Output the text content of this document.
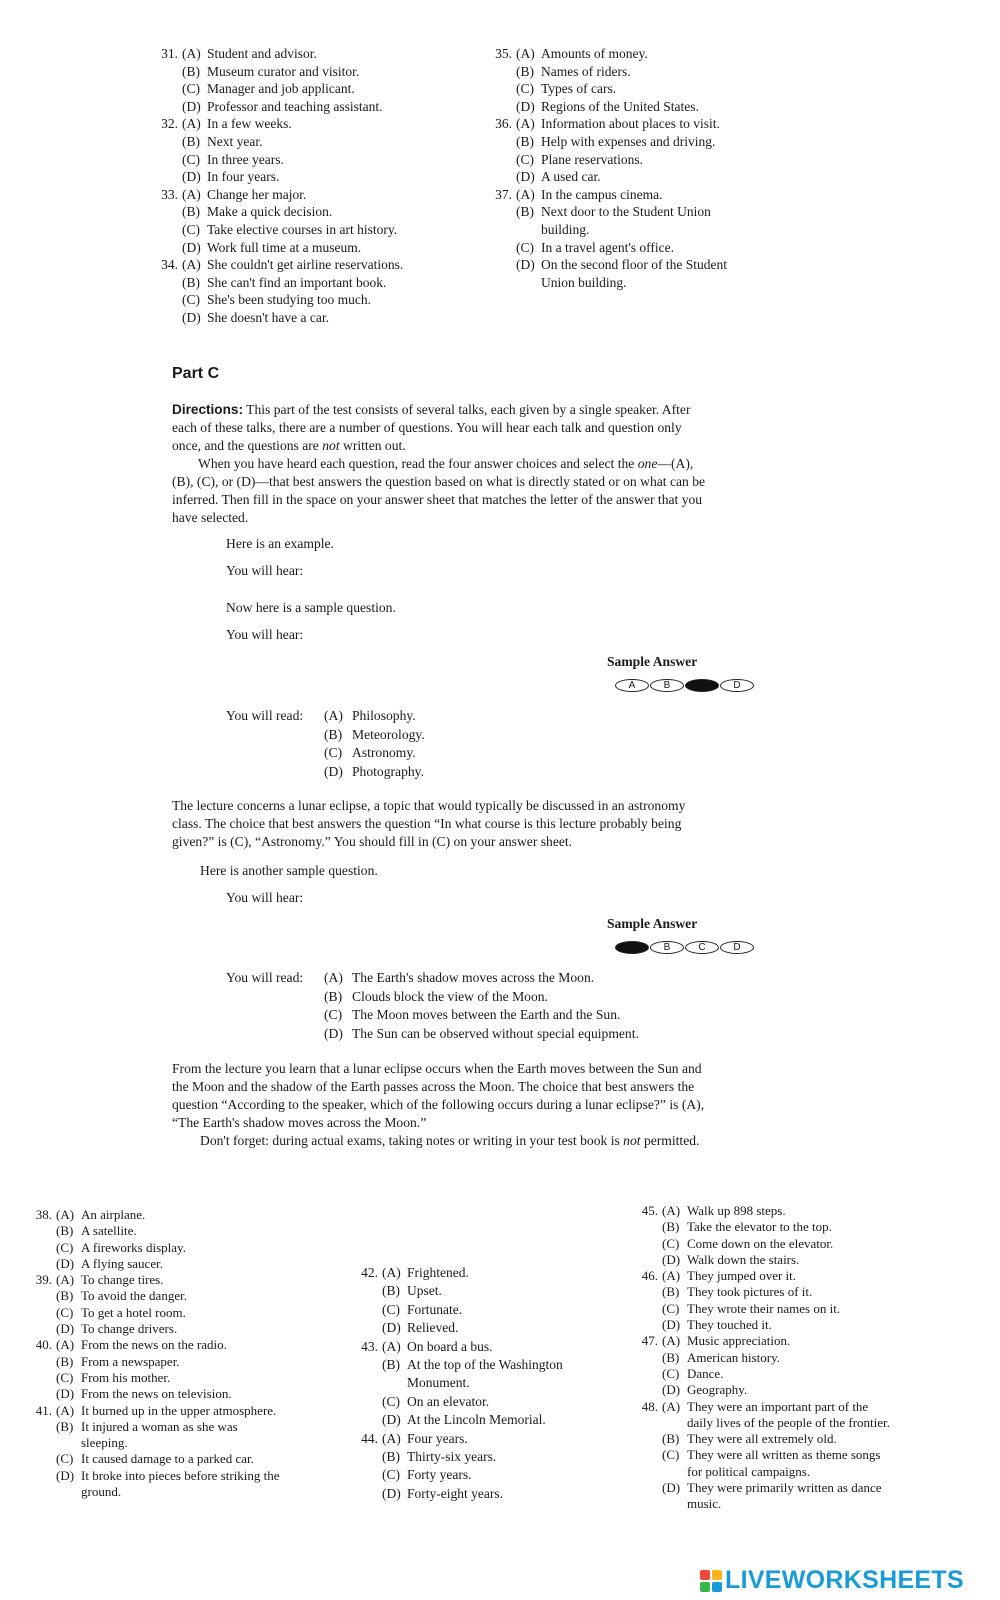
31. (A) Student and advisor.
(B) Museum curator and visitor.
(C) Manager and job applicant.
(D) Professor and teaching assistant.
32. (A) In a few weeks.
(B) Next year.
(C) In three years.
(D) In four years.
33. (A) Change her major.
(B) Make a quick decision.
(C) Take elective courses in art history.
(D) Work full time at a museum.
34. (A) She couldn't get airline reservations.
(B) She can't find an important book.
(C) She's been studying too much.
(D) She doesn't have a car.
35. (A) Amounts of money.
(B) Names of riders.
(C) Types of cars.
(D) Regions of the United States.
36. (A) Information about places to visit.
(B) Help with expenses and driving.
(C) Plane reservations.
(D) A used car.
37. (A) In the campus cinema.
(B) Next door to the Student Union
building.
(C) In a travel agent's office.
(D) On the second floor of the Student
Union building.
Part C

Directions: This part of the test consists of several talks, each given by a single speaker. After

each of these talks, there are a number of questions. You will hear each talk and question only

once, and the questions are not written out.

When you have heard each question, read the four answer choices and select the one—(A),

(B), (C), or (D)—that best answers the question based on what is directly stated or on what can be

inferred. Then fill in the space on your answer sheet that matches the letter of the answer that you

have selected.

Here is an example.
You will hear:
Now here is a sample question.
You will hear:
Sample Answer
A	B	C	D
You will read:	(A) Philosophy.
(B) Meteorology.
(C) Astronomy.
(D) Photography.

The lecture concerns a lunar eclipse, a topic that would typically be discussed in an astronomy

class. The choice that best answers the question “In what course is this lecture probably being

given?” is (C), “Astronomy.” You should fill in (C) on your answer sheet.

Here is another sample question.
You will hear:
Sample Answer
A	B	C	D
You will read:	(A) The Earth's shadow moves across the Moon.
(B) Clouds block the view of the Moon.
(C) The Moon moves between the Earth and the Sun.
(D) The Sun can be observed without special equipment.

From the lecture you learn that a lunar eclipse occurs when the Earth moves between the Sun and

the Moon and the shadow of the Earth passes across the Moon. The choice that best answers the

question “According to the speaker, which of the following occurs during a lunar eclipse?” is (A),

“The Earth's shadow moves across the Moon.”

Don't forget: during actual exams, taking notes or writing in your test book is not permitted.

38. (A) An airplane.
(B) A satellite.
(C) A fireworks display.
(D) A flying saucer.
39. (A) To change tires.
(B) To avoid the danger.
(C) To get a hotel room.
(D) To change drivers.
40. (A) From the news on the radio.
(B) From a newspaper.
(C) From his mother.
(D) From the news on television.
41. (A) It burned up in the upper atmosphere.
(B) It injured a woman as she was
sleeping.
(C) It caused damage to a parked car.
(D) It broke into pieces before striking the
ground.
42. (A) Frightened.
(B) Upset.
(C) Fortunate.
(D) Relieved.
43. (A) On board a bus.
(B) At the top of the Washington
Monument.
(C) On an elevator.
(D) At the Lincoln Memorial.
44. (A) Four years.
(B) Thirty-six years.
(C) Forty years.
(D) Forty-eight years.
45. (A) Walk up 898 steps.
(B) Take the elevator to the top.
(C) Come down on the elevator.
(D) Walk down the stairs.
46. (A) They jumped over it.
(B) They took pictures of it.
(C) They wrote their names on it.
(D) They touched it.
47. (A) Music appreciation.
(B) American history.
(C) Dance.
(D) Geography.
48. (A) They were an important part of the
daily lives of the people of the frontier.
(B) They were all extremely old.
(C) They were all written as theme songs
for political campaigns.
(D) They were primarily written as dance
music.
LIVEWORKSHEETS
